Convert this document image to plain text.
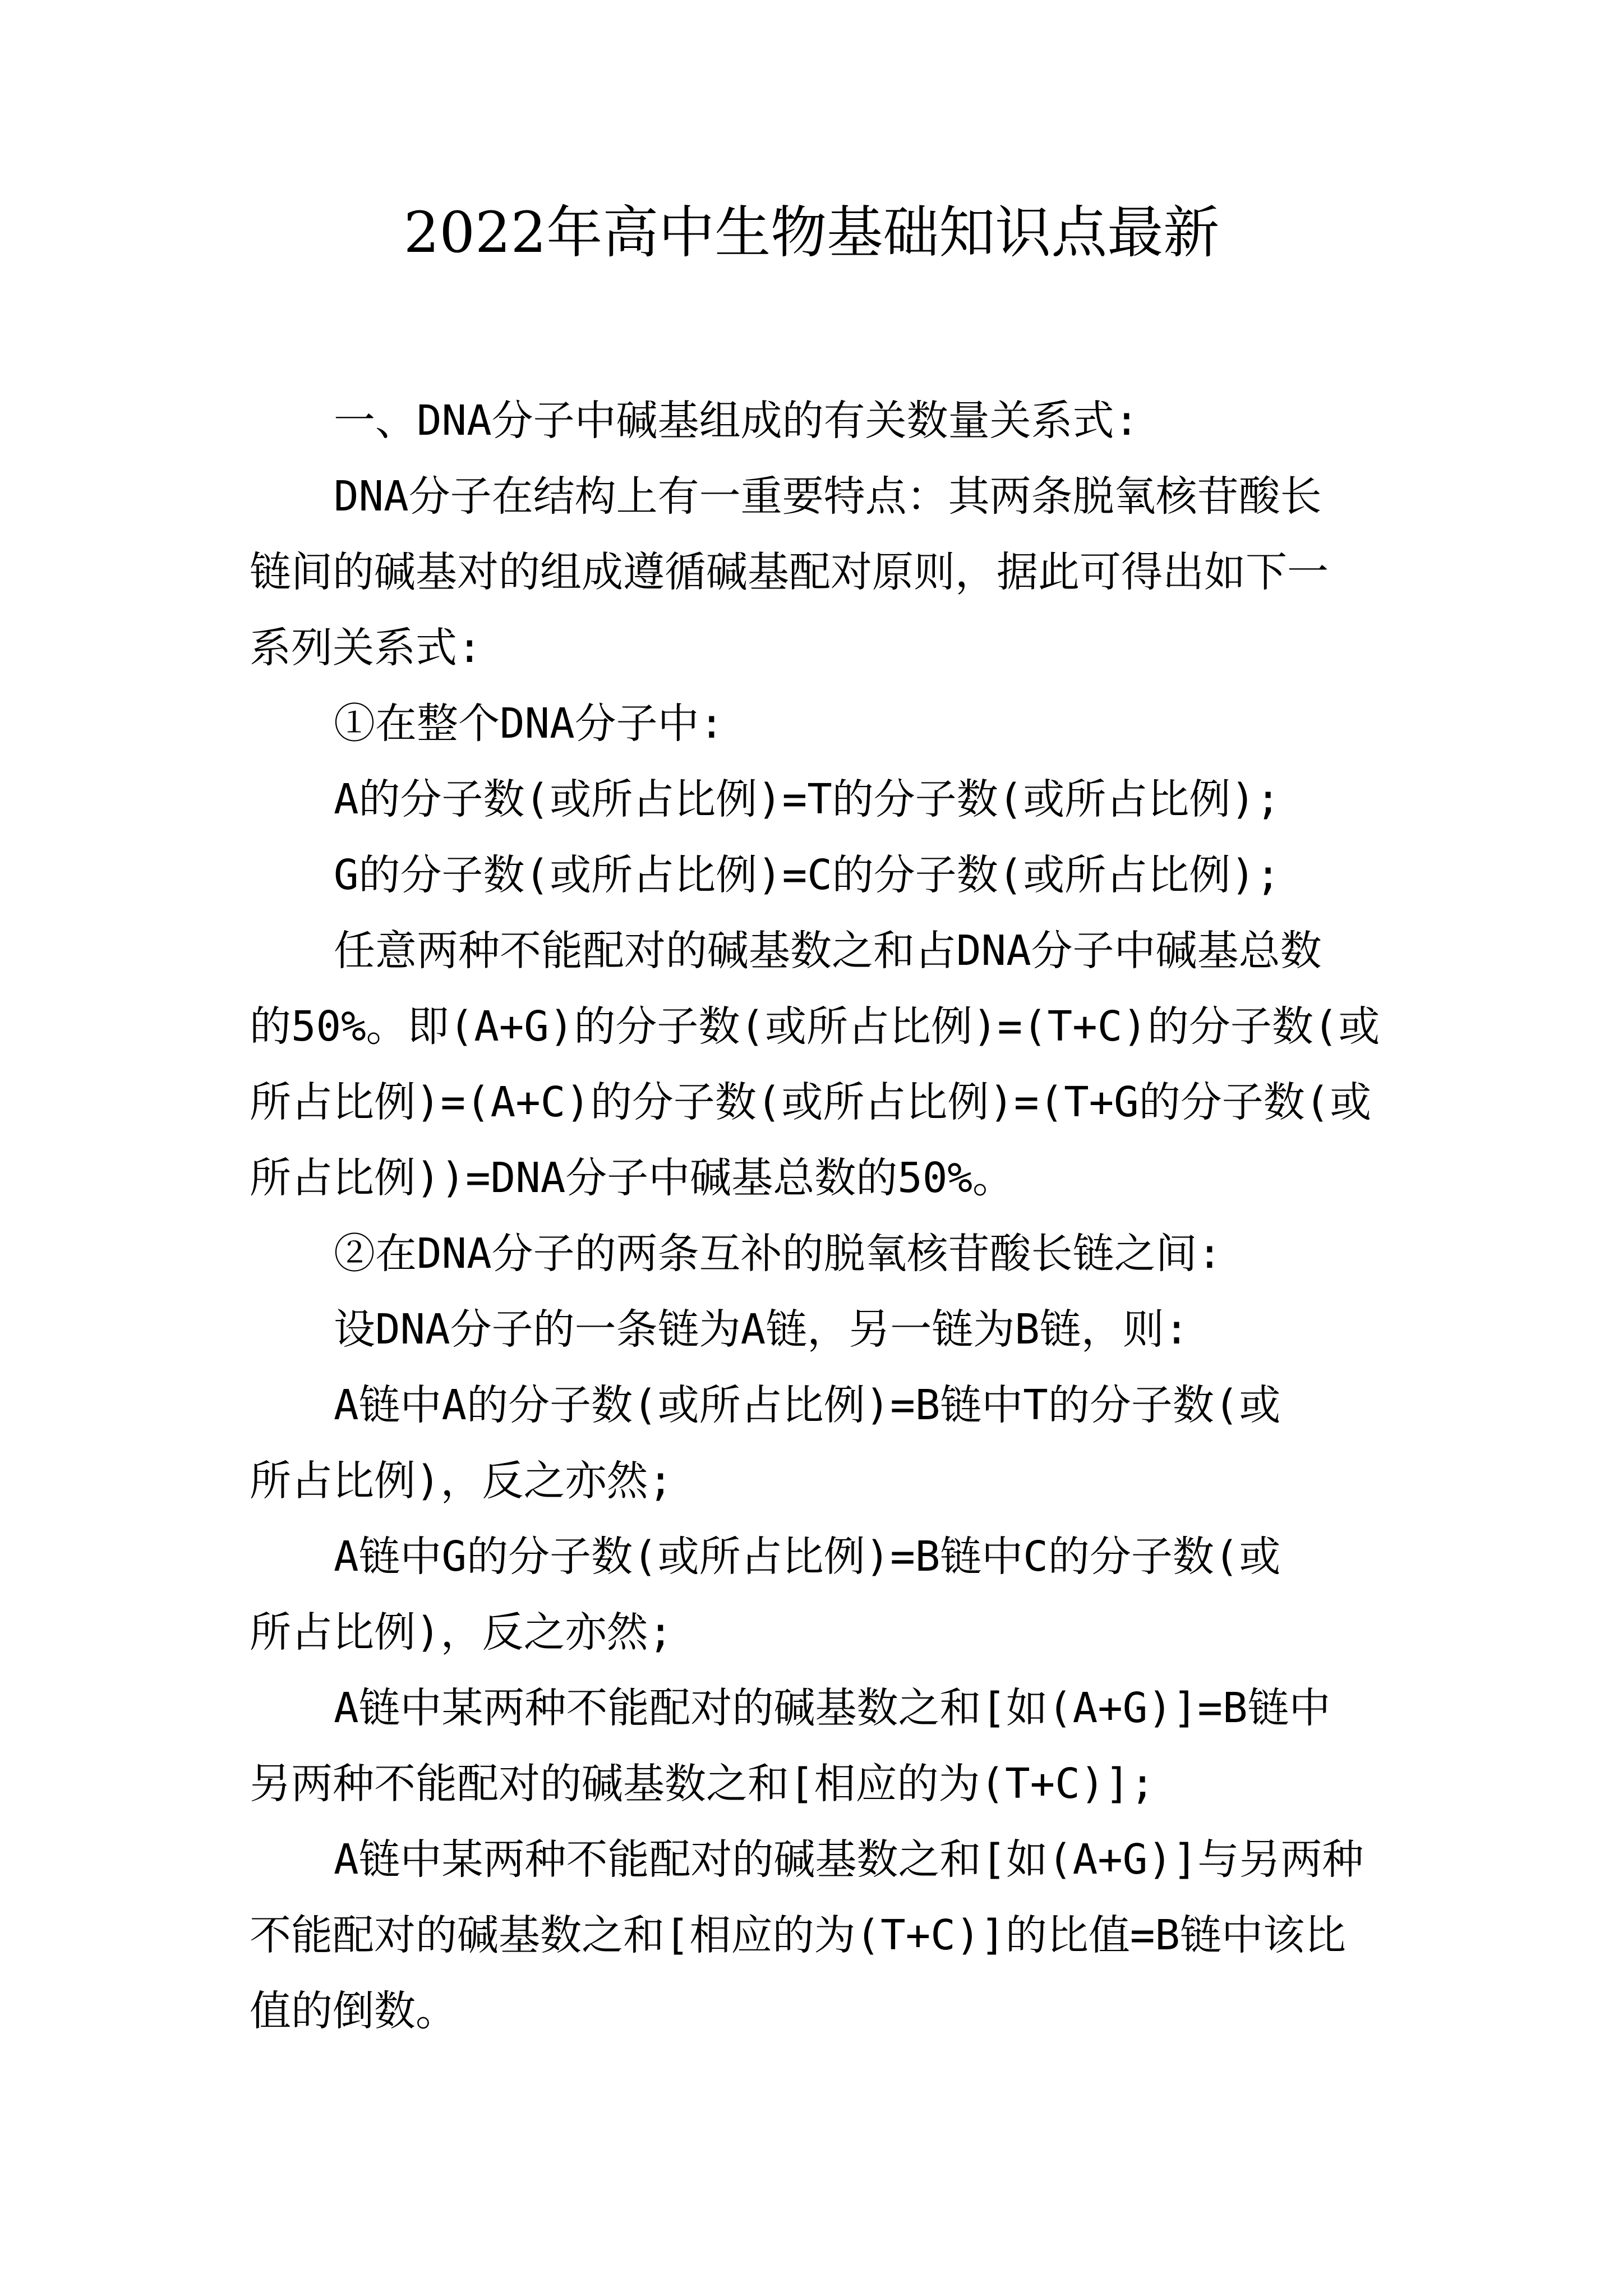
2022年高中生物基础知识点最新
一、DNA分子中碱基组成的有关数量关系式:
DNA分子在结构上有一重要特点：其两条脱氧核苷酸长
链间的碱基对的组成遵循碱基配对原则，据此可得出如下一
系列关系式:
①在整个DNA分子中:
A的分子数(或所占比例)=T的分子数(或所占比例);
G的分子数(或所占比例)=C的分子数(或所占比例);
任意两种不能配对的碱基数之和占DNA分子中碱基总数
的50%。即(A+G)的分子数(或所占比例)=(T+C)的分子数(或
所占比例)=(A+C)的分子数(或所占比例)=(T+G的分子数(或
所占比例))=DNA分子中碱基总数的50%。
②在DNA分子的两条互补的脱氧核苷酸长链之间:
设DNA分子的一条链为A链，另一链为B链，则:
A链中A的分子数(或所占比例)=B链中T的分子数(或
所占比例)，反之亦然;
A链中G的分子数(或所占比例)=B链中C的分子数(或
所占比例)，反之亦然;
A链中某两种不能配对的碱基数之和[如(A+G)]=B链中
另两种不能配对的碱基数之和[相应的为(T+C)];
A链中某两种不能配对的碱基数之和[如(A+G)]与另两种
不能配对的碱基数之和[相应的为(T+C)]的比值=B链中该比
值的倒数。
